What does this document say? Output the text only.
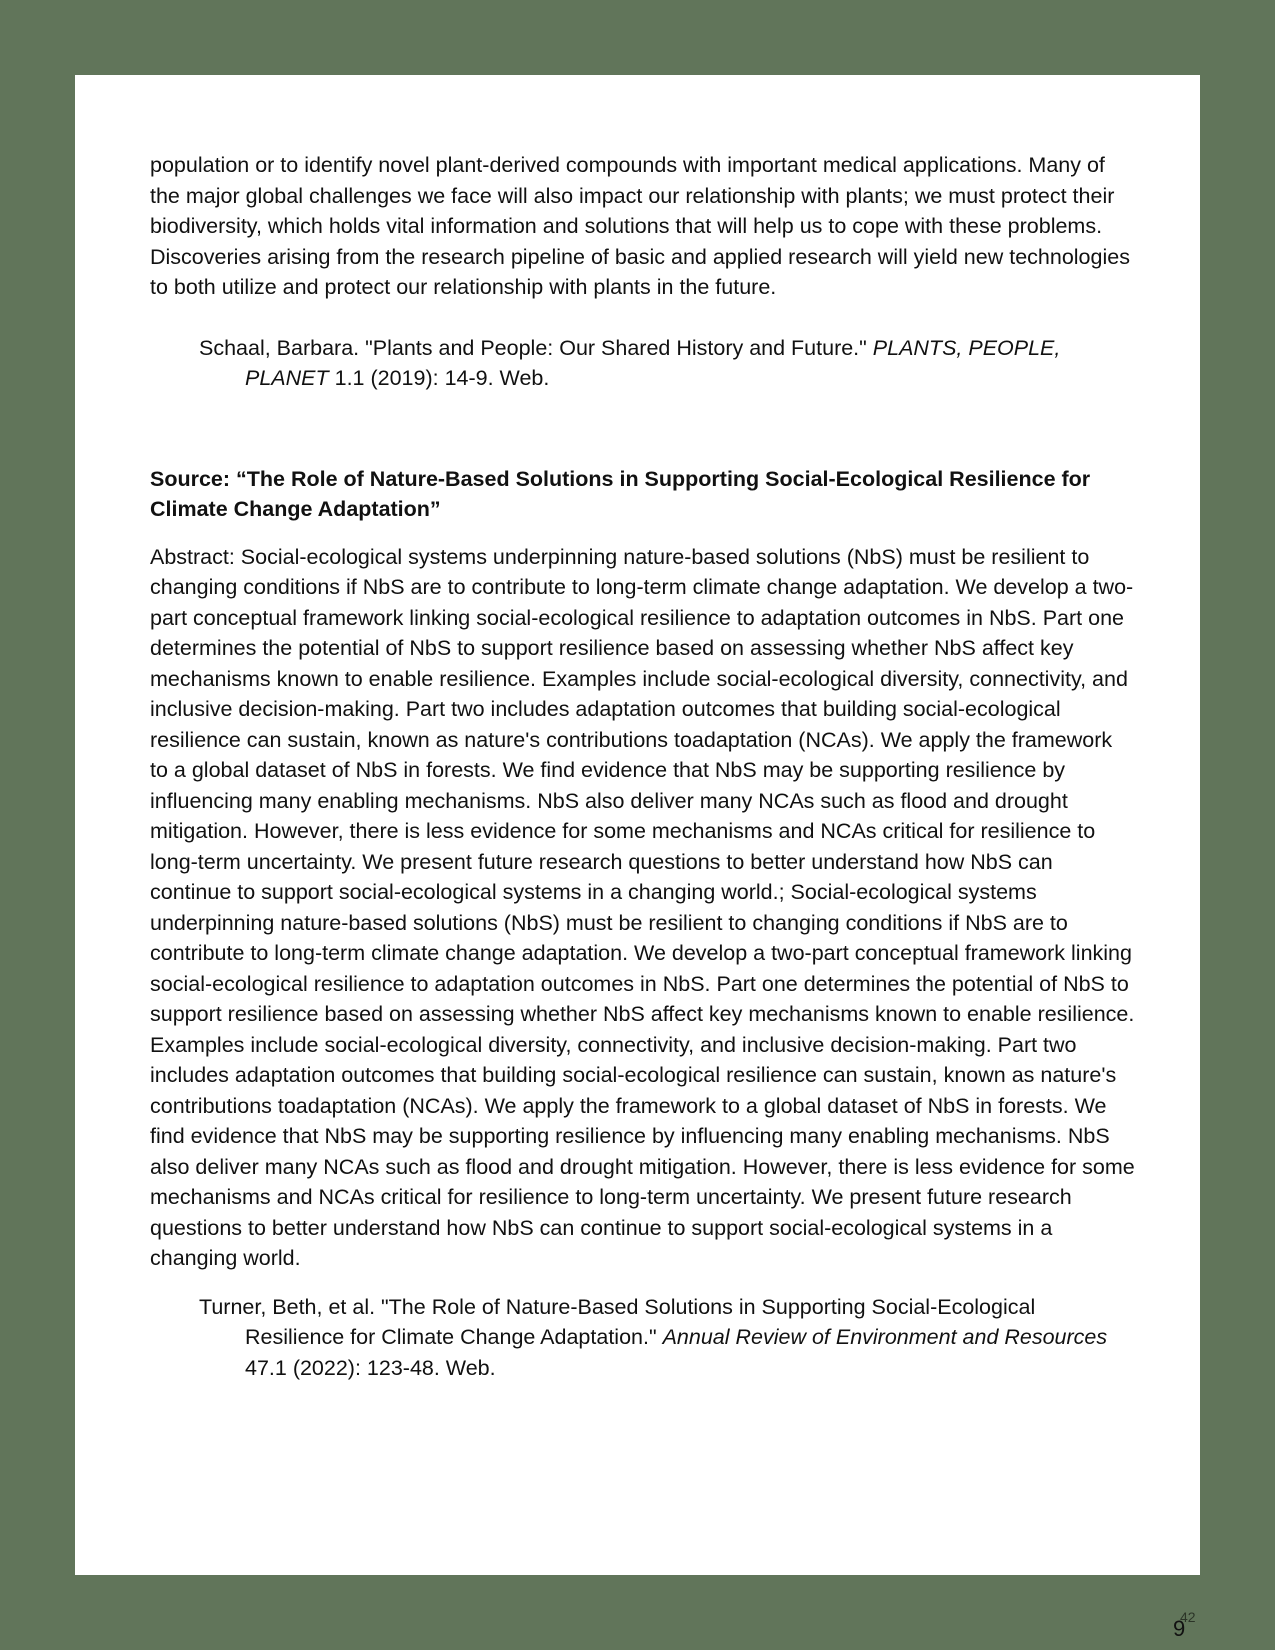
population or to identify novel plant-derived compounds with important medical applications. Many of the major global challenges we face will also impact our relationship with plants; we must protect their biodiversity, which holds vital information and solutions that will help us to cope with these problems. Discoveries arising from the research pipeline of basic and applied research will yield new technologies to both utilize and protect our relationship with plants in the future.

Schaal, Barbara. "Plants and People: Our Shared History and Future." PLANTS, PEOPLE, PLANET 1.1 (2019): 14-9. Web.

Source: “The Role of Nature-Based Solutions in Supporting Social-Ecological Resilience for Climate Change Adaptation”

Abstract: Social-ecological systems underpinning nature-based solutions (NbS) must be resilient to changing conditions if NbS are to contribute to long-term climate change adaptation. We develop a two-part conceptual framework linking social-ecological resilience to adaptation outcomes in NbS. Part one determines the potential of NbS to support resilience based on assessing whether NbS affect key mechanisms known to enable resilience. Examples include social-ecological diversity, connectivity, and inclusive decision-making. Part two includes adaptation outcomes that building social-ecological resilience can sustain, known as nature's contributions toadaptation (NCAs). We apply the framework to a global dataset of NbS in forests. We find evidence that NbS may be supporting resilience by influencing many enabling mechanisms. NbS also deliver many NCAs such as flood and drought mitigation. However, there is less evidence for some mechanisms and NCAs critical for resilience to long-term uncertainty. We present future research questions to better understand how NbS can continue to support social-ecological systems in a changing world.; Social-ecological systems underpinning nature-based solutions (NbS) must be resilient to changing conditions if NbS are to contribute to long-term climate change adaptation. We develop a two-part conceptual framework linking social-ecological resilience to adaptation outcomes in NbS. Part one determines the potential of NbS to support resilience based on assessing whether NbS affect key mechanisms known to enable resilience. Examples include social-ecological diversity, connectivity, and inclusive decision-making. Part two includes adaptation outcomes that building social-ecological resilience can sustain, known as nature's contributions toadaptation (NCAs). We apply the framework to a global dataset of NbS in forests. We find evidence that NbS may be supporting resilience by influencing many enabling mechanisms. NbS also deliver many NCAs such as flood and drought mitigation. However, there is less evidence for some mechanisms and NCAs critical for resilience to long-term uncertainty. We present future research questions to better understand how NbS can continue to support social-ecological systems in a changing world.

Turner, Beth, et al. "The Role of Nature-Based Solutions in Supporting Social-Ecological Resilience for Climate Change Adaptation." Annual Review of Environment and Resources 47.1 (2022): 123-48. Web.

9
42
